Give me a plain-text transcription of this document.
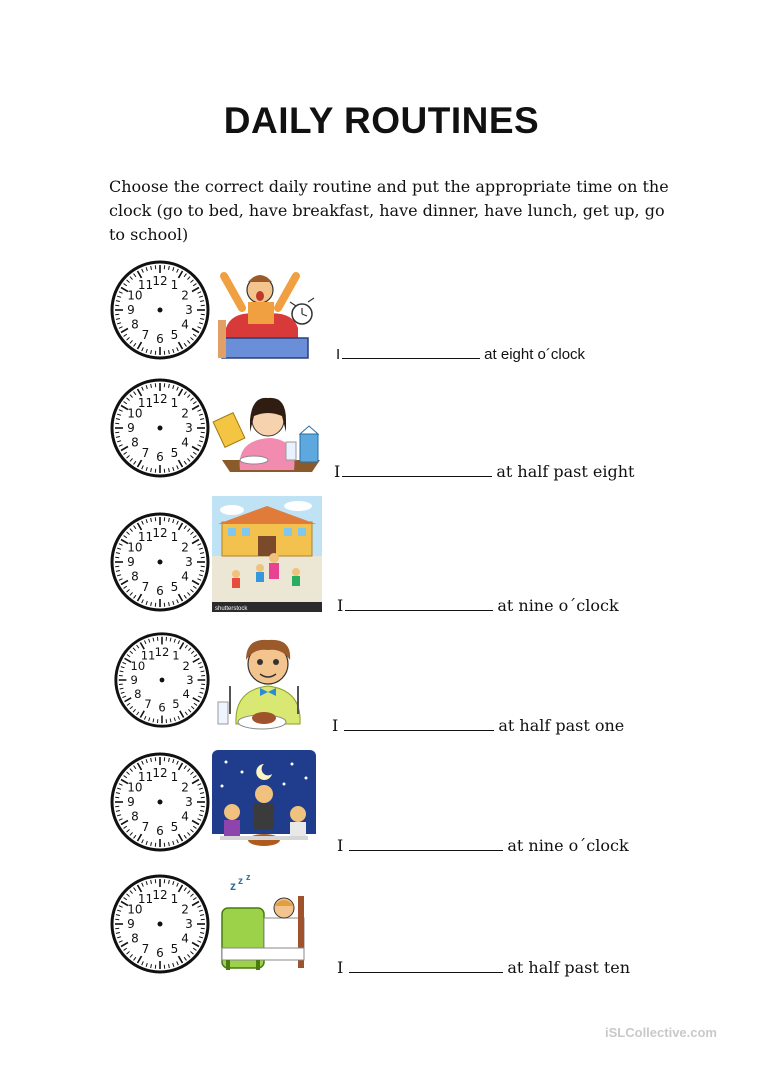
DAILY ROUTINES
Choose the correct daily routine and put the appropriate time on the clock (go to bed, have breakfast, have dinner, have lunch, get up, go to school)
12 1
2
3
4
5
6
7
8
9
10
11
I	at eight o´clock
12 1
2
3
4
5
6
7
8
9
10
11
I	at half past eight
12 1
2
3
4
5
6
7
8
9
10
11
shutterstock	I	at nine o´clock
12 1
2
3
4
5
6
7
8
9
10
11
I	at half past one
12 1
2
3
4
5
6
7
8
9
10
11
I	at nine o´clock
12 1
2
3
4
5
6
7
8
9
10
11
z z z
I	at half past ten
iSLCollective.com
